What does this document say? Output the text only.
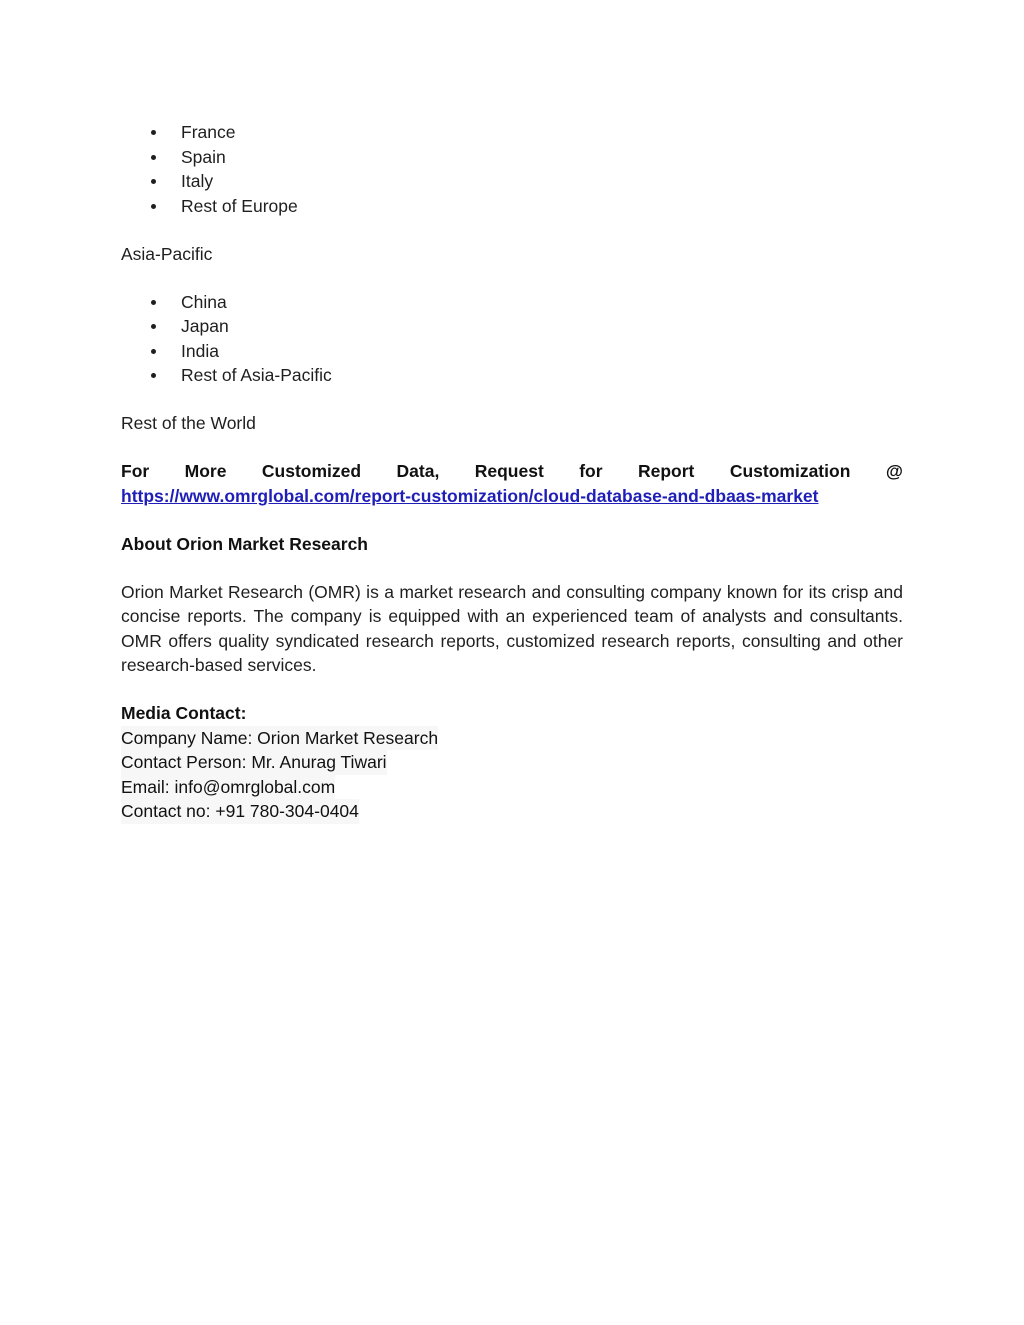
France
Spain
Italy
Rest of Europe

Asia-Pacific

China
Japan
India
Rest of Asia-Pacific

Rest of the World

For More Customized Data, Request for Report Customization @

https://www.omrglobal.com/report-customization/cloud-database-and-dbaas-market

About Orion Market Research

Orion Market Research (OMR) is a market research and consulting company known for its crisp and concise reports. The company is equipped with an experienced team of analysts and consultants. OMR offers quality syndicated research reports, customized research reports, consulting and other research-based services.

Media Contact:
Company Name: Orion Market Research
Contact Person: Mr. Anurag Tiwari
Email: info@omrglobal.com
Contact no: +91 780-304-0404
